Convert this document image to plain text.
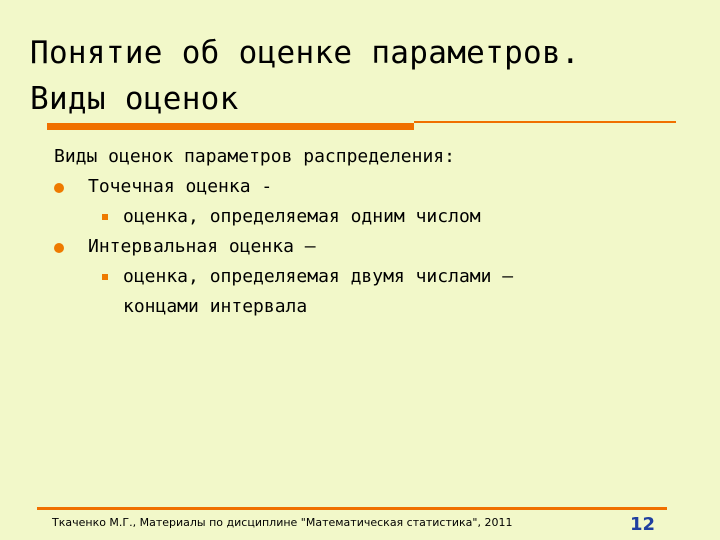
Понятие об оценке параметров.
Виды оценок
Виды оценок параметров распределения:
Точечная оценка -
оценка, определяемая одним числом
Интервальная оценка –
оценка, определяемая двумя числами –
концами интервала
Ткаченко М.Г., Материалы по дисциплине "Математическая статистика", 2011	12
